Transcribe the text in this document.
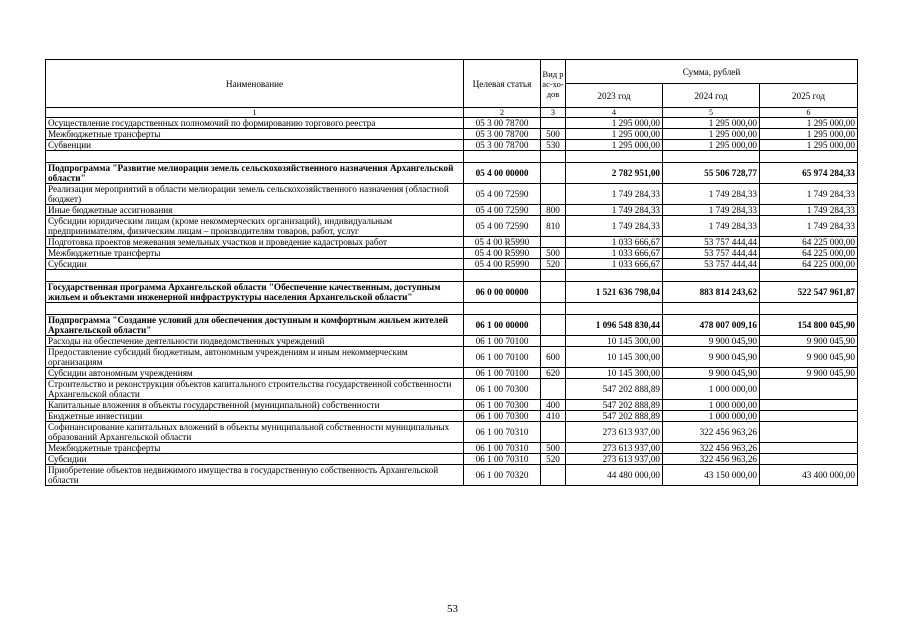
Наименование	Целевая статья	Вид рас-хо-дов	Сумма, рублей		
			2023 год	2024 год	2025 год
1	2	3	4	5	6
Осуществление государственных полномочий по формированию торгового реестра	05 3 00 78700		1 295 000,00	1 295 000,00	1 295 000,00
Межбюджетные трансферты	05 3 00 78700	500	1 295 000,00	1 295 000,00	1 295 000,00
Субвенции	05 3 00 78700	530	1 295 000,00	1 295 000,00	1 295 000,00

Подпрограмма "Развитие мелиорации земель сельскохозяйственного назначения Архангельской области"	05 4 00 00000		2 782 951,00	55 506 728,77	65 974 284,33
Реализация мероприятий в области мелиорации земель сельскохозяйственного назначения (областной бюджет)	05 4 00 72590		1 749 284,33	1 749 284,33	1 749 284,33
Иные бюджетные ассигнования	05 4 00 72590	800	1 749 284,33	1 749 284,33	1 749 284,33
Субсидии юридическим лицам (кроме некоммерческих организаций), индивидуальным предпринимателям, физическим лицам – производителям товаров, работ, услуг	05 4 00 72590	810	1 749 284,33	1 749 284,33	1 749 284,33
Подготовка проектов межевания земельных участков и проведение кадастровых работ	05 4 00 R5990		1 033 666,67	53 757 444,44	64 225 000,00
Межбюджетные трансферты	05 4 00 R5990	500	1 033 666,67	53 757 444,44	64 225 000,00
Субсидии	05 4 00 R5990	520	1 033 666,67	53 757 444,44	64 225 000,00

Государственная программа Архангельской области "Обеспечение качественным, доступным жильем и объектами инженерной инфраструктуры населения Архангельской области"	06 0 00 00000		1 521 636 798,04	883 814 243,62	522 547 961,87

Подпрограмма "Создание условий для обеспечения доступным и комфортным жильем жителей Архангельской области"	06 1 00 00000		1 096 548 830,44	478 007 009,16	154 800 045,90
Расходы на обеспечение деятельности подведомственных учреждений	06 1 00 70100		10 145 300,00	9 900 045,90	9 900 045,90
Предоставление субсидий бюджетным, автономным учреждениям и иным некоммерческим организациям	06 1 00 70100	600	10 145 300,00	9 900 045,90	9 900 045,90
Субсидии автономным учреждениям	06 1 00 70100	620	10 145 300,00	9 900 045,90	9 900 045,90
Строительство и реконструкция объектов капитального строительства государственной собственности Архангельской области	06 1 00 70300		547 202 888,89	1 000 000,00	
Капитальные вложения в объекты государственной (муниципальной) собственности	06 1 00 70300	400	547 202 888,89	1 000 000,00	
Бюджетные инвестиции	06 1 00 70300	410	547 202 888,89	1 000 000,00	
Софинансирование капитальных вложений в объекты муниципальной собственности муниципальных образований Архангельской области	06 1 00 70310		273 613 937,00	322 456 963,26	
Межбюджетные трансферты	06 1 00 70310	500	273 613 937,00	322 456 963,26	
Субсидии	06 1 00 70310	520	273 613 937,00	322 456 963,26	
Приобретение объектов недвижимого имущества в государственную собственность Архангельской области	06 1 00 70320		44 480 000,00	43 150 000,00	43 400 000,00
53
